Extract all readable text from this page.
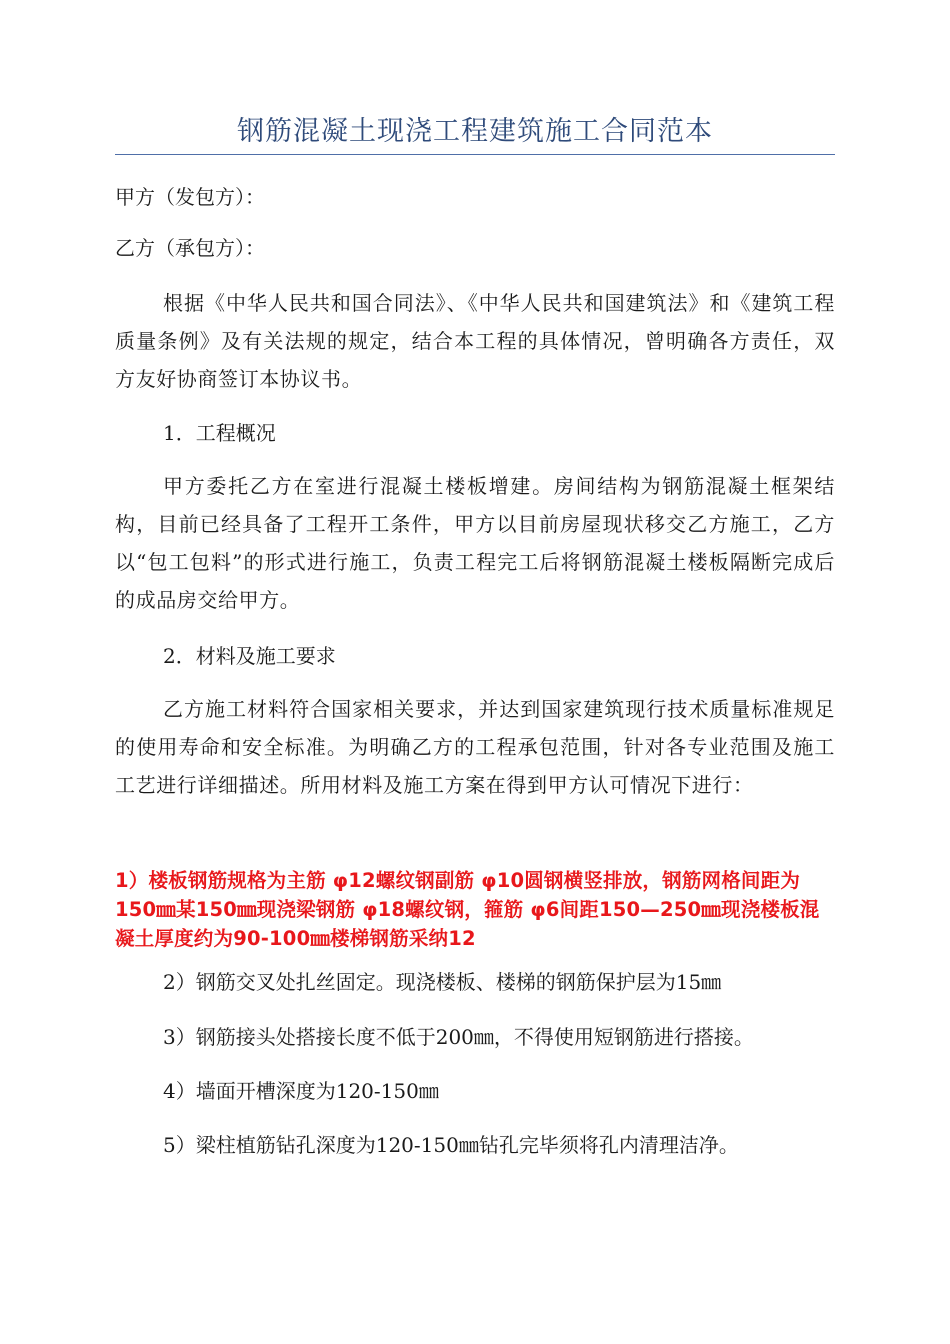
钢筋混凝土现浇工程建筑施工合同范本
甲方（发包方）：
乙方（承包方）：
根据《中华人民共和国合同法》、《中华人民共和国建筑法》和《建筑工程质量条例》及有关法规的规定，结合本工程的具体情况，曾明确各方责任，双方友好协商签订本协议书。
1．工程概况
甲方委托乙方在室进行混凝土楼板增建。房间结构为钢筋混凝土框架结构，目前已经具备了工程开工条件，甲方以目前房屋现状移交乙方施工，乙方以“包工包料”的形式进行施工，负责工程完工后将钢筋混凝土楼板隔断完成后的成品房交给甲方。
2．材料及施工要求
乙方施工材料符合国家相关要求，并达到国家建筑现行技术质量标准规足的使用寿命和安全标准。为明确乙方的工程承包范围，针对各专业范围及施工工艺进行详细描述。所用材料及施工方案在得到甲方认可情况下进行：
1）楼板钢筋规格为主筋 φ12螺纹钢副筋 φ10圆钢横竖排放，钢筋网格间距为150㎜某150㎜现浇梁钢筋 φ18螺纹钢，箍筋 φ6间距150—250㎜现浇楼板混凝土厚度约为90-100㎜楼梯钢筋采纳12
2）钢筋交叉处扎丝固定。现浇楼板、楼梯的钢筋保护层为15㎜
3）钢筋接头处搭接长度不低于200㎜，不得使用短钢筋进行搭接。
4）墙面开槽深度为120-150㎜
5）梁柱植筋钻孔深度为120-150㎜钻孔完毕须将孔内清理洁净。
